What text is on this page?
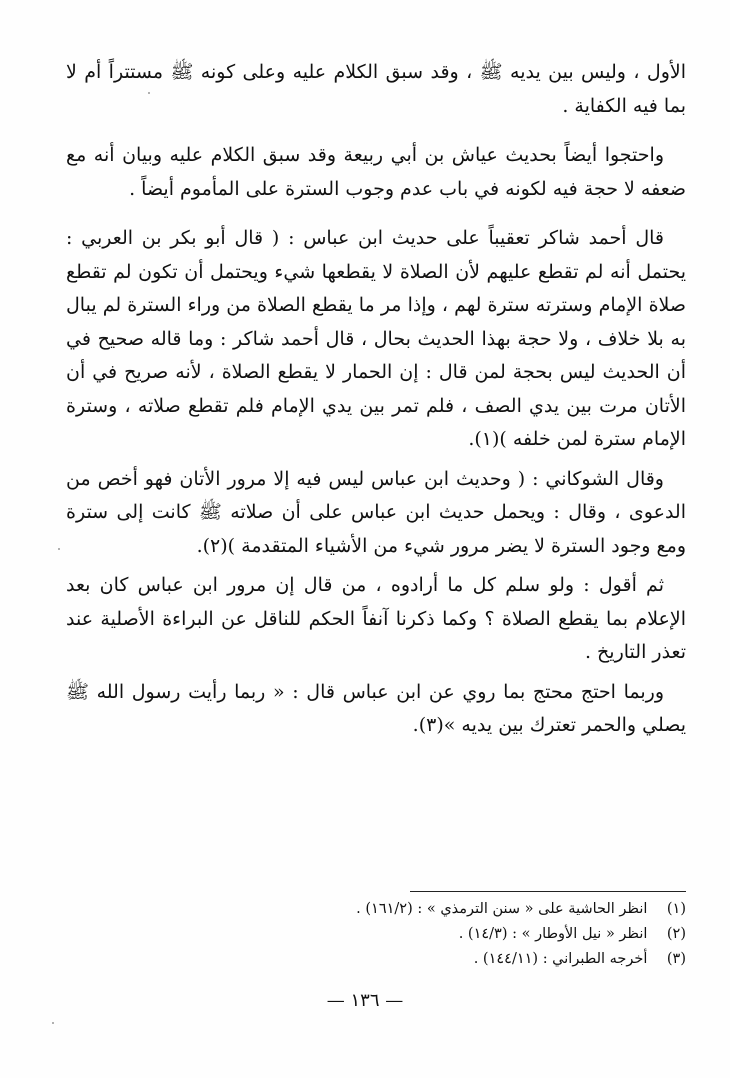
الأول ، وليس بين يديه ﷺ ، وقد سبق الكلام عليه وعلى كونه ﷺ مستتراً أم لا بما فيه الكفاية .

واحتجوا أيضاً بحديث عياش بن أبي ربيعة وقد سبق الكلام عليه وبيان أنه مع ضعفه لا حجة فيه لكونه في باب عدم وجوب السترة على المأموم أيضاً .

قال أحمد شاكر تعقيباً على حديث ابن عباس : ( قال أبو بكر بن العربي : يحتمل أنه لم تقطع عليهم لأن الصلاة لا يقطعها شيء ويحتمل أن تكون لم تقطع صلاة الإمام وسترته سترة لهم ، وإذا مر ما يقطع الصلاة من وراء السترة لم يبال به بلا خلاف ، ولا حجة بهذا الحديث بحال ، قال أحمد شاكر : وما قاله صحيح في أن الحديث ليس بحجة لمن قال : إن الحمار لا يقطع الصلاة ، لأنه صريح في أن الأتان مرت بين يدي الصف ، فلم تمر بين يدي الإمام فلم تقطع صلاته ، وسترة الإمام سترة لمن خلفه )(١).

وقال الشوكاني : ( وحديث ابن عباس ليس فيه إلا مرور الأتان فهو أخص من الدعوى ، وقال : ويحمل حديث ابن عباس على أن صلاته ﷺ كانت إلى سترة ومع وجود السترة لا يضر مرور شيء من الأشياء المتقدمة )(٢).

ثم أقول : ولو سلم كل ما أرادوه ، من قال إن مرور ابن عباس كان بعد الإعلام بما يقطع الصلاة ؟ وكما ذكرنا آنفاً الحكم للناقل عن البراءة الأصلية عند تعذر التاريخ .

وربما احتج محتج بما روي عن ابن عباس قال : « ربما رأيت رسول الله ﷺ يصلي والحمر تعترك بين يديه »(٣).

(١) انظر الحاشية على « سنن الترمذي » : (١٦١/٢) .

(٢) انظر « نيل الأوطار » : (١٤/٣) .

(٣) أخرجه الطبراني : (١٤٤/١١) .

— ١٣٦ —
